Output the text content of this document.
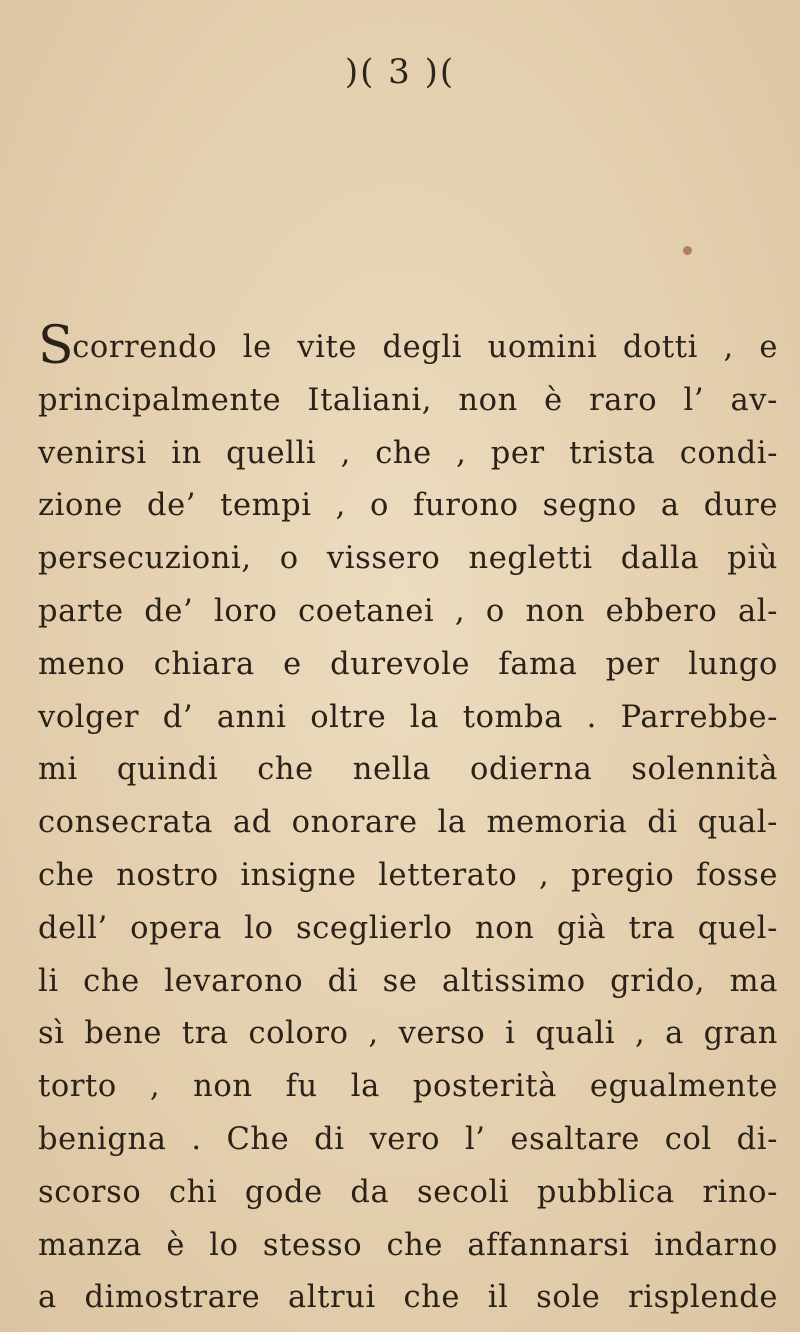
)( 3 )(
Scorrendo le vite degli uomini dotti , e
principalmente Italiani, non è raro l’ av-
venirsi in quelli , che , per trista condi-
zione de’ tempi , o furono segno a dure
persecuzioni, o vissero negletti dalla più
parte de’ loro coetanei , o non ebbero al-
meno chiara e durevole fama per lungo
volger d’ anni oltre la tomba . Parrebbe-
mi quindi che nella odierna solennità
consecrata ad onorare la memoria di qual-
che nostro insigne letterato , pregio fosse
dell’ opera lo sceglierlo non già tra quel-
li che levarono di se altissimo grido, ma
sì bene tra coloro , verso i quali , a gran
torto , non fu la posterità egualmente
benigna . Che di vero l’ esaltare col di-
scorso chi gode da secoli pubblica rino-
manza è lo stesso che affannarsi indarno
a dimostrare altrui che il sole risplende
